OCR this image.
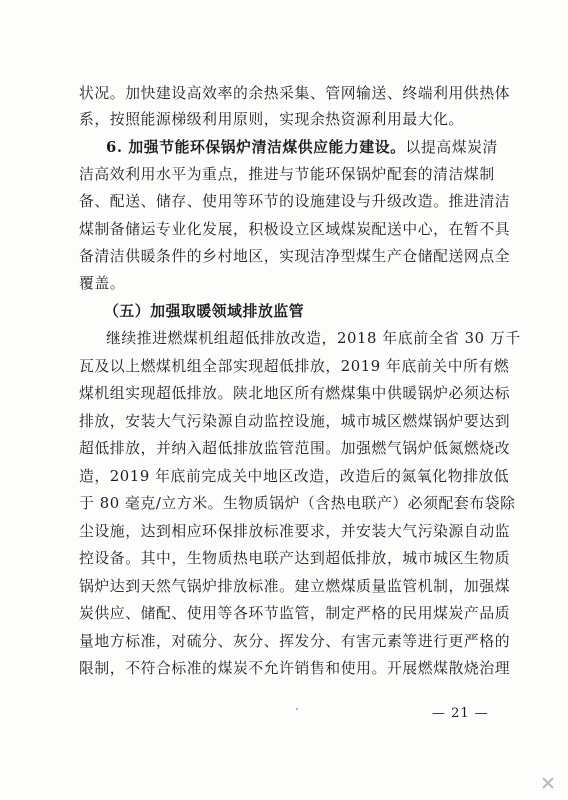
状况。加快建设高效率的余热采集、管网输送、终端利用供热体
系，按照能源梯级利用原则，实现余热资源利用最大化。
6. 加强节能环保锅炉清洁煤供应能力建设。以提高煤炭清
洁高效利用水平为重点，推进与节能环保锅炉配套的清洁煤制
备、配送、储存、使用等环节的设施建设与升级改造。推进清洁
煤制备储运专业化发展，积极设立区域煤炭配送中心，在暂不具
备清洁供暖条件的乡村地区，实现洁净型煤生产仓储配送网点全
覆盖。
（五）加强取暖领域排放监管
继续推进燃煤机组超低排放改造，2018 年底前全省 30 万千
瓦及以上燃煤机组全部实现超低排放，2019 年底前关中所有燃
煤机组实现超低排放。陕北地区所有燃煤集中供暖锅炉必须达标
排放，安装大气污染源自动监控设施，城市城区燃煤锅炉要达到
超低排放，并纳入超低排放监管范围。加强燃气锅炉低氮燃烧改
造，2019 年底前完成关中地区改造，改造后的氮氧化物排放低
于 80 毫克/立方米。生物质锅炉（含热电联产）必须配套布袋除
尘设施，达到相应环保排放标准要求，并安装大气污染源自动监
控设备。其中，生物质热电联产达到超低排放，城市城区生物质
锅炉达到天然气锅炉排放标准。建立燃煤质量监管机制，加强煤
炭供应、储配、使用等各环节监管，制定严格的民用煤炭产品质
量地方标准，对硫分、灰分、挥发分、有害元素等进行更严格的
限制，不符合标准的煤炭不允许销售和使用。开展燃煤散烧治理
— 21 —
